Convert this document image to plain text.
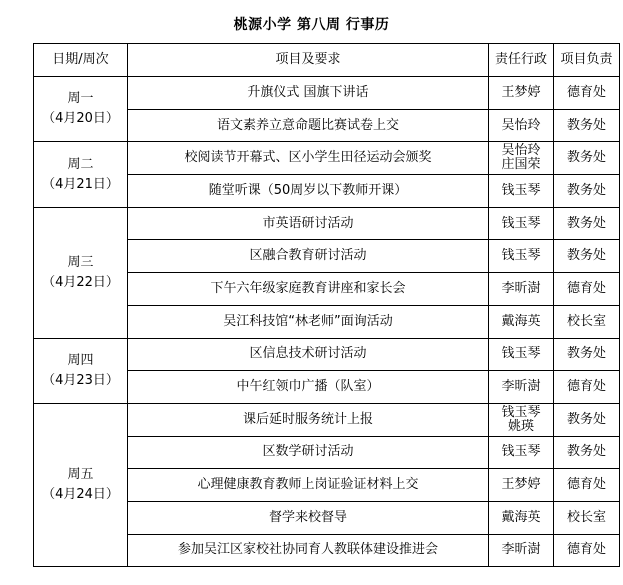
桃源小学 第八周 行事历
日期/周次	项目及要求	责任行政	项目负责

周一
（4月20日）	升旗仪式 国旗下讲话	王梦婷	德育处
	语文素养立意命题比赛试卷上交	吴怡玲	教务处

周二
（4月21日）	校阅读节开幕式、区小学生田径运动会颁奖	吴怡玲
庄国荣	教务处
	随堂听课（50周岁以下教师开课）	钱玉琴	教务处

周三
（4月22日）	市英语研讨活动	钱玉琴	教务处
	区融合教育研讨活动	钱玉琴	教务处
	下午六年级家庭教育讲座和家长会	李昕澍	德育处
	吴江科技馆“林老师”面询活动	戴海英	校长室

周四
（4月23日）	区信息技术研讨活动	钱玉琴	教务处
	中午红领巾广播（队室）	李昕澍	德育处

周五
（4月24日）	课后延时服务统计上报	钱玉琴
姚瑛	教务处
	区数学研讨活动	钱玉琴	教务处
	心理健康教育教师上岗证验证材料上交	王梦婷	德育处
	督学来校督导	戴海英	校长室
	参加吴江区家校社协同育人教联体建设推进会	李昕澍	德育处
